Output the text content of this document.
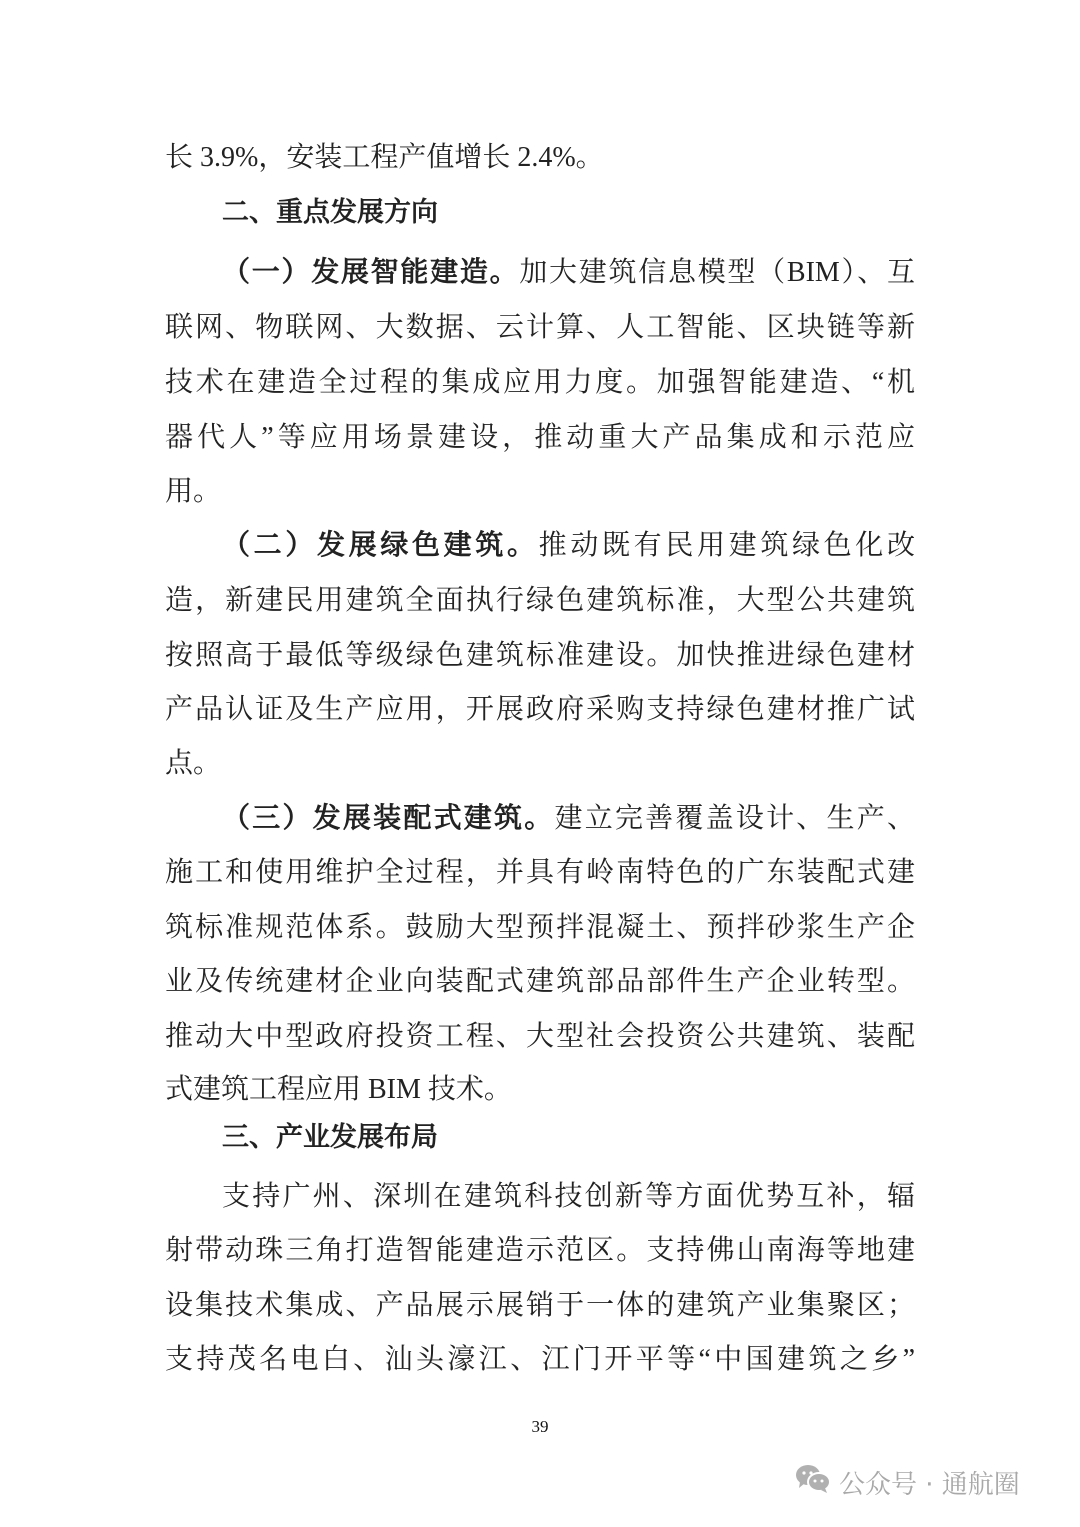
长 3.9%，安装工程产值增长 2.4%。
二、重点发展方向
（一）发展智能建造。加大建筑信息模型（BIM）、互
联网、物联网、大数据、云计算、人工智能、区块链等新
技术在建造全过程的集成应用力度。加强智能建造、“机
器代人”等应用场景建设，推动重大产品集成和示范应
用。
（二）发展绿色建筑。推动既有民用建筑绿色化改
造，新建民用建筑全面执行绿色建筑标准，大型公共建筑
按照高于最低等级绿色建筑标准建设。加快推进绿色建材
产品认证及生产应用，开展政府采购支持绿色建材推广试
点。
（三）发展装配式建筑。建立完善覆盖设计、生产、
施工和使用维护全过程，并具有岭南特色的广东装配式建
筑标准规范体系。鼓励大型预拌混凝土、预拌砂浆生产企
业及传统建材企业向装配式建筑部品部件生产企业转型。
推动大中型政府投资工程、大型社会投资公共建筑、装配
式建筑工程应用 BIM 技术。
三、产业发展布局
支持广州、深圳在建筑科技创新等方面优势互补，辐
射带动珠三角打造智能建造示范区。支持佛山南海等地建
设集技术集成、产品展示展销于一体的建筑产业集聚区；
支持茂名电白、汕头濠江、江门开平等“中国建筑之乡”
39
公众号 · 通航圈
